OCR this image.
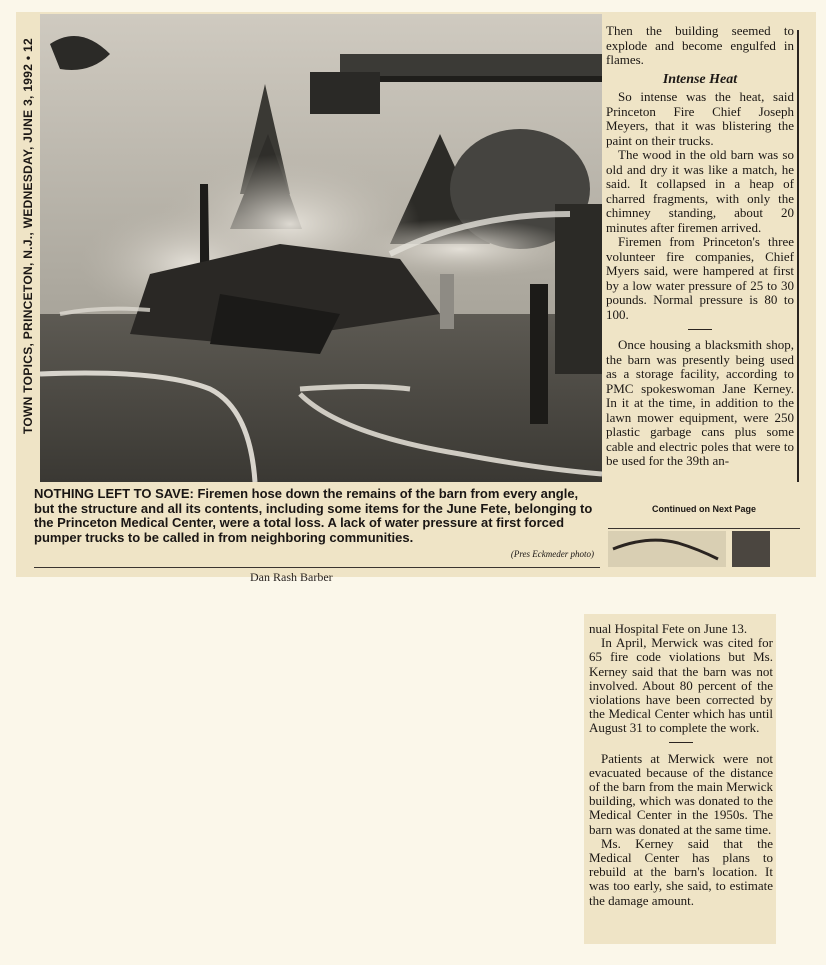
TOWN TOPICS, PRINCETON, N.J., WEDNESDAY, JUNE 3, 1992 • 12
NOTHING LEFT TO SAVE: Firemen hose down the remains of the barn from every angle, but the structure and all its contents, including some items for the June Fete, belonging to the Princeton Medical Center, were a total loss. A lack of water pressure at first forced pumper trucks to be called in from neighboring communities.
(Pres Eckmeder photo)
Dan Rash Barber

Then the building seemed to explode and become engulfed in flames.

Intense Heat

So intense was the heat, said Princeton Fire Chief Joseph Meyers, that it was blistering the paint on their trucks.

The wood in the old barn was so old and dry it was like a match, he said. It collapsed in a heap of charred fragments, with only the chimney standing, about 20 minutes after firemen arrived.

Firemen from Princeton's three volunteer fire companies, Chief Myers said, were hampered at first by a low water pressure of 25 to 30 pounds. Normal pressure is 80 to 100.

Once housing a blacksmith shop, the barn was presently being used as a storage facility, according to PMC spokeswoman Jane Kerney. In it at the time, in addition to the lawn mower equipment, were 250 plastic garbage cans plus some cable and electric poles that were to be used for the 39th an-

Continued on Next Page

nual Hospital Fete on June 13.

In April, Merwick was cited for 65 fire code violations but Ms. Kerney said that the barn was not involved. About 80 percent of the violations have been corrected by the Medical Center which has until August 31 to complete the work.

Patients at Merwick were not evacuated because of the distance of the barn from the main Merwick building, which was donated to the Medical Center in the 1950s. The barn was donated at the same time.

Ms. Kerney said that the Medical Center has plans to rebuild at the barn's location. It was too early, she said, to estimate the damage amount.
